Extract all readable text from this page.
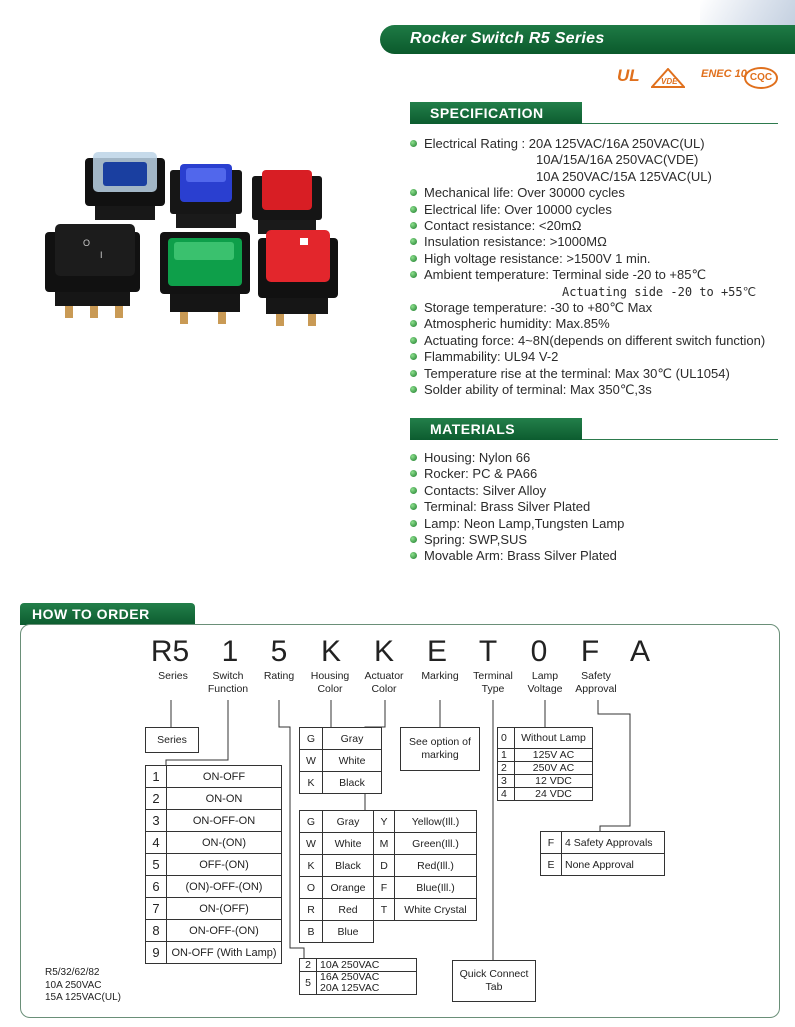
Rocker Switch R5 Series
UL	VDE
ENEC 10 CQC
O
I
SPECIFICATION
Electrical Rating : 20A 125VAC/16A 250VAC(UL)
10A/15A/16A 250VAC(VDE)
10A 250VAC/15A 125VAC(UL)
Mechanical life: Over 30000 cycles
Electrical life: Over 10000 cycles
Contact resistance: <20mΩ
Insulation resistance: >1000MΩ
High voltage resistance: >1500V 1 min.
Ambient temperature: Terminal side -20 to +85℃
Actuating side -20 to +55℃
Storage temperature: -30 to +80℃ Max
Atmospheric humidity: Max.85%
Actuating force: 4~8N(depends on different switch function)
Flammability: UL94 V-2
Temperature rise at the terminal: Max 30℃ (UL1054)
Solder ability of terminal: Max 350℃,3s
MATERIALS
Housing: Nylon 66
Rocker: PC & PA66
Contacts: Silver Alloy
Terminal: Brass Silver Plated
Lamp: Neon Lamp,Tungsten Lamp
Spring: SWP,SUS
Movable Arm: Brass Silver Plated
HOW TO ORDER
R5	1	5	K	K	E	T	0	F	A
Series	Switch Function
Rating	Housing Color
Actuator Color
Marking	Terminal Type
Lamp Voltage
Safety Approval
Series
1	ON-OFF
2	ON-ON
3	ON-OFF-ON
4	ON-(ON)
5	OFF-(ON)
6	(ON)-OFF-(ON)
7	ON-(OFF)
8	ON-OFF-(ON)
9	ON-OFF (With Lamp)
G	Gray
W	White
K	Black
G	Gray	Y	Yellow(Ill.)
W	White	M	Green(Ill.)
K	Black	D	Red(Ill.)
O	Orange	F	Blue(Ill.)
R	Red	T	White Crystal
B	Blue		
See option of marking
0	Without Lamp
1	125V AC
2	250V AC
3	12 VDC
4	24 VDC
F	4 Safety Approvals
E	None Approval
2	10A 250VAC

5	16A 250VAC
20A 125VAC
Quick Connect Tab
R5/32/62/82
10A 250VAC
15A 125VAC(UL)
